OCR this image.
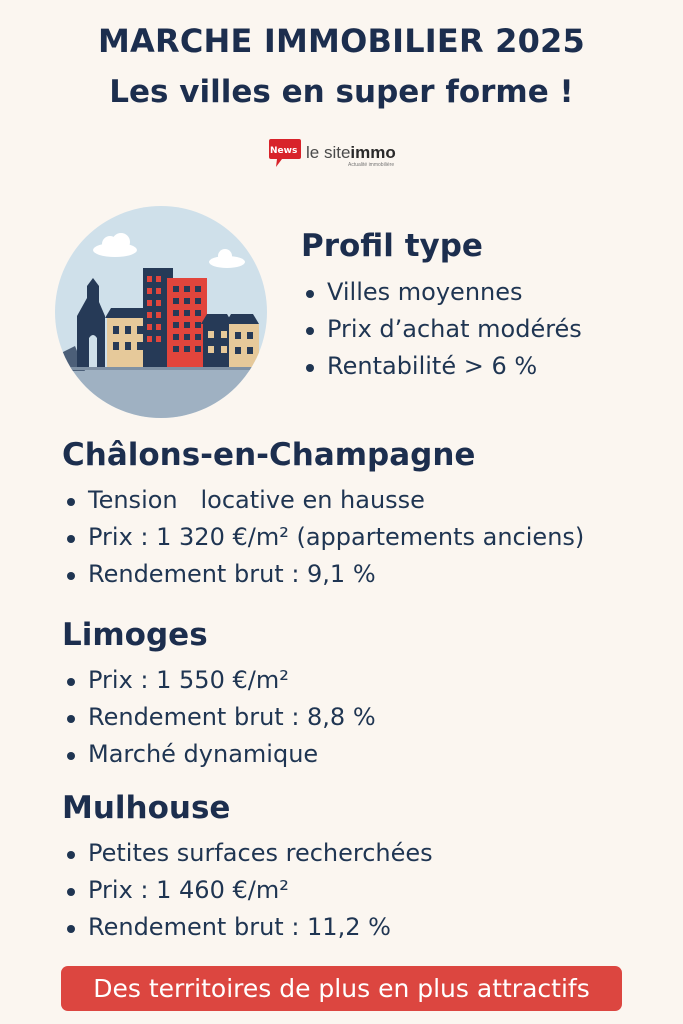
MARCHE IMMOBILIER 2025
Les villes en super forme !
News le siteimmo
Actualité immobilière
Profil type
Villes moyennes
Prix d’achat modérés
Rentabilité > 6 %
Châlons-en-Champagne
Tension   locative en hausse
Prix : 1 320 €/m² (appartements anciens)
Rendement brut : 9,1 %
Limoges
Prix : 1 550 €/m²
Rendement brut : 8,8 %
Marché dynamique
Mulhouse
Petites surfaces recherchées
Prix : 1 460 €/m²
Rendement brut : 11,2 %
Des territoires de plus en plus attractifs
